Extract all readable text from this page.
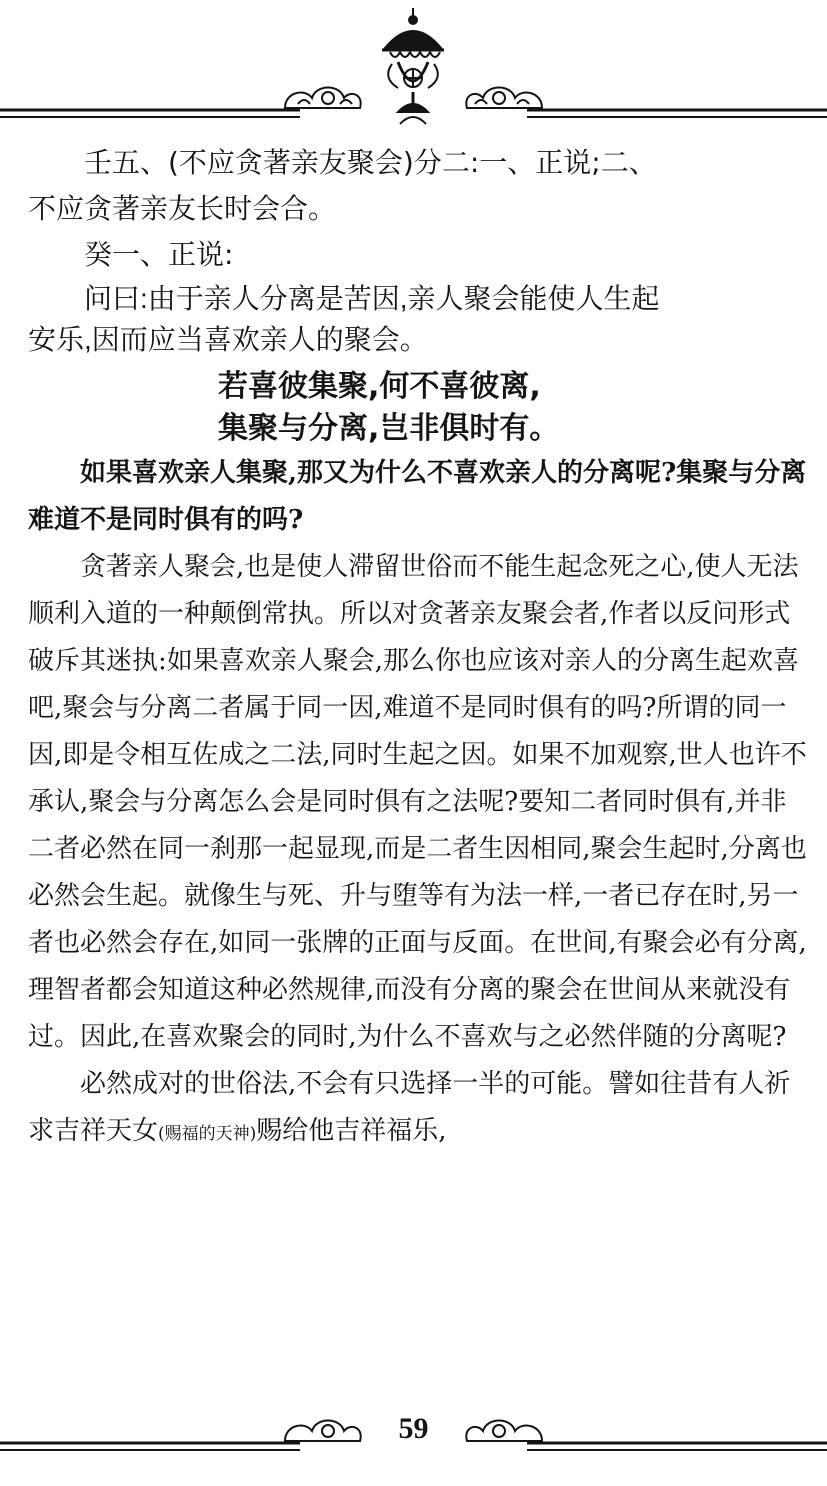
壬五、(不应贪著亲友聚会)分二:一、正说;二、

不应贪著亲友长时会合。

癸一、正说:

问曰:由于亲人分离是苦因,亲人聚会能使人生起

安乐,因而应当喜欢亲人的聚会。

若喜彼集聚,何不喜彼离,
集聚与分离,岂非俱时有。

如果喜欢亲人集聚,那又为什么不喜欢亲人的分离呢?集聚与分离难道不是同时俱有的吗?

贪著亲人聚会,也是使人滞留世俗而不能生起念死之心,使人无法顺利入道的一种颠倒常执。所以对贪著亲友聚会者,作者以反问形式破斥其迷执:如果喜欢亲人聚会,那么你也应该对亲人的分离生起欢喜吧,聚会与分离二者属于同一因,难道不是同时俱有的吗?所谓的同一因,即是令相互佐成之二法,同时生起之因。如果不加观察,世人也许不承认,聚会与分离怎么会是同时俱有之法呢?要知二者同时俱有,并非二者必然在同一刹那一起显现,而是二者生因相同,聚会生起时,分离也必然会生起。就像生与死、升与堕等有为法一样,一者已存在时,另一者也必然会存在,如同一张牌的正面与反面。在世间,有聚会必有分离,理智者都会知道这种必然规律,而没有分离的聚会在世间从来就没有过。因此,在喜欢聚会的同时,为什么不喜欢与之必然伴随的分离呢?

必然成对的世俗法,不会有只选择一半的可能。譬如往昔有人祈求吉祥天女(赐福的天神)赐给他吉祥福乐,

59
